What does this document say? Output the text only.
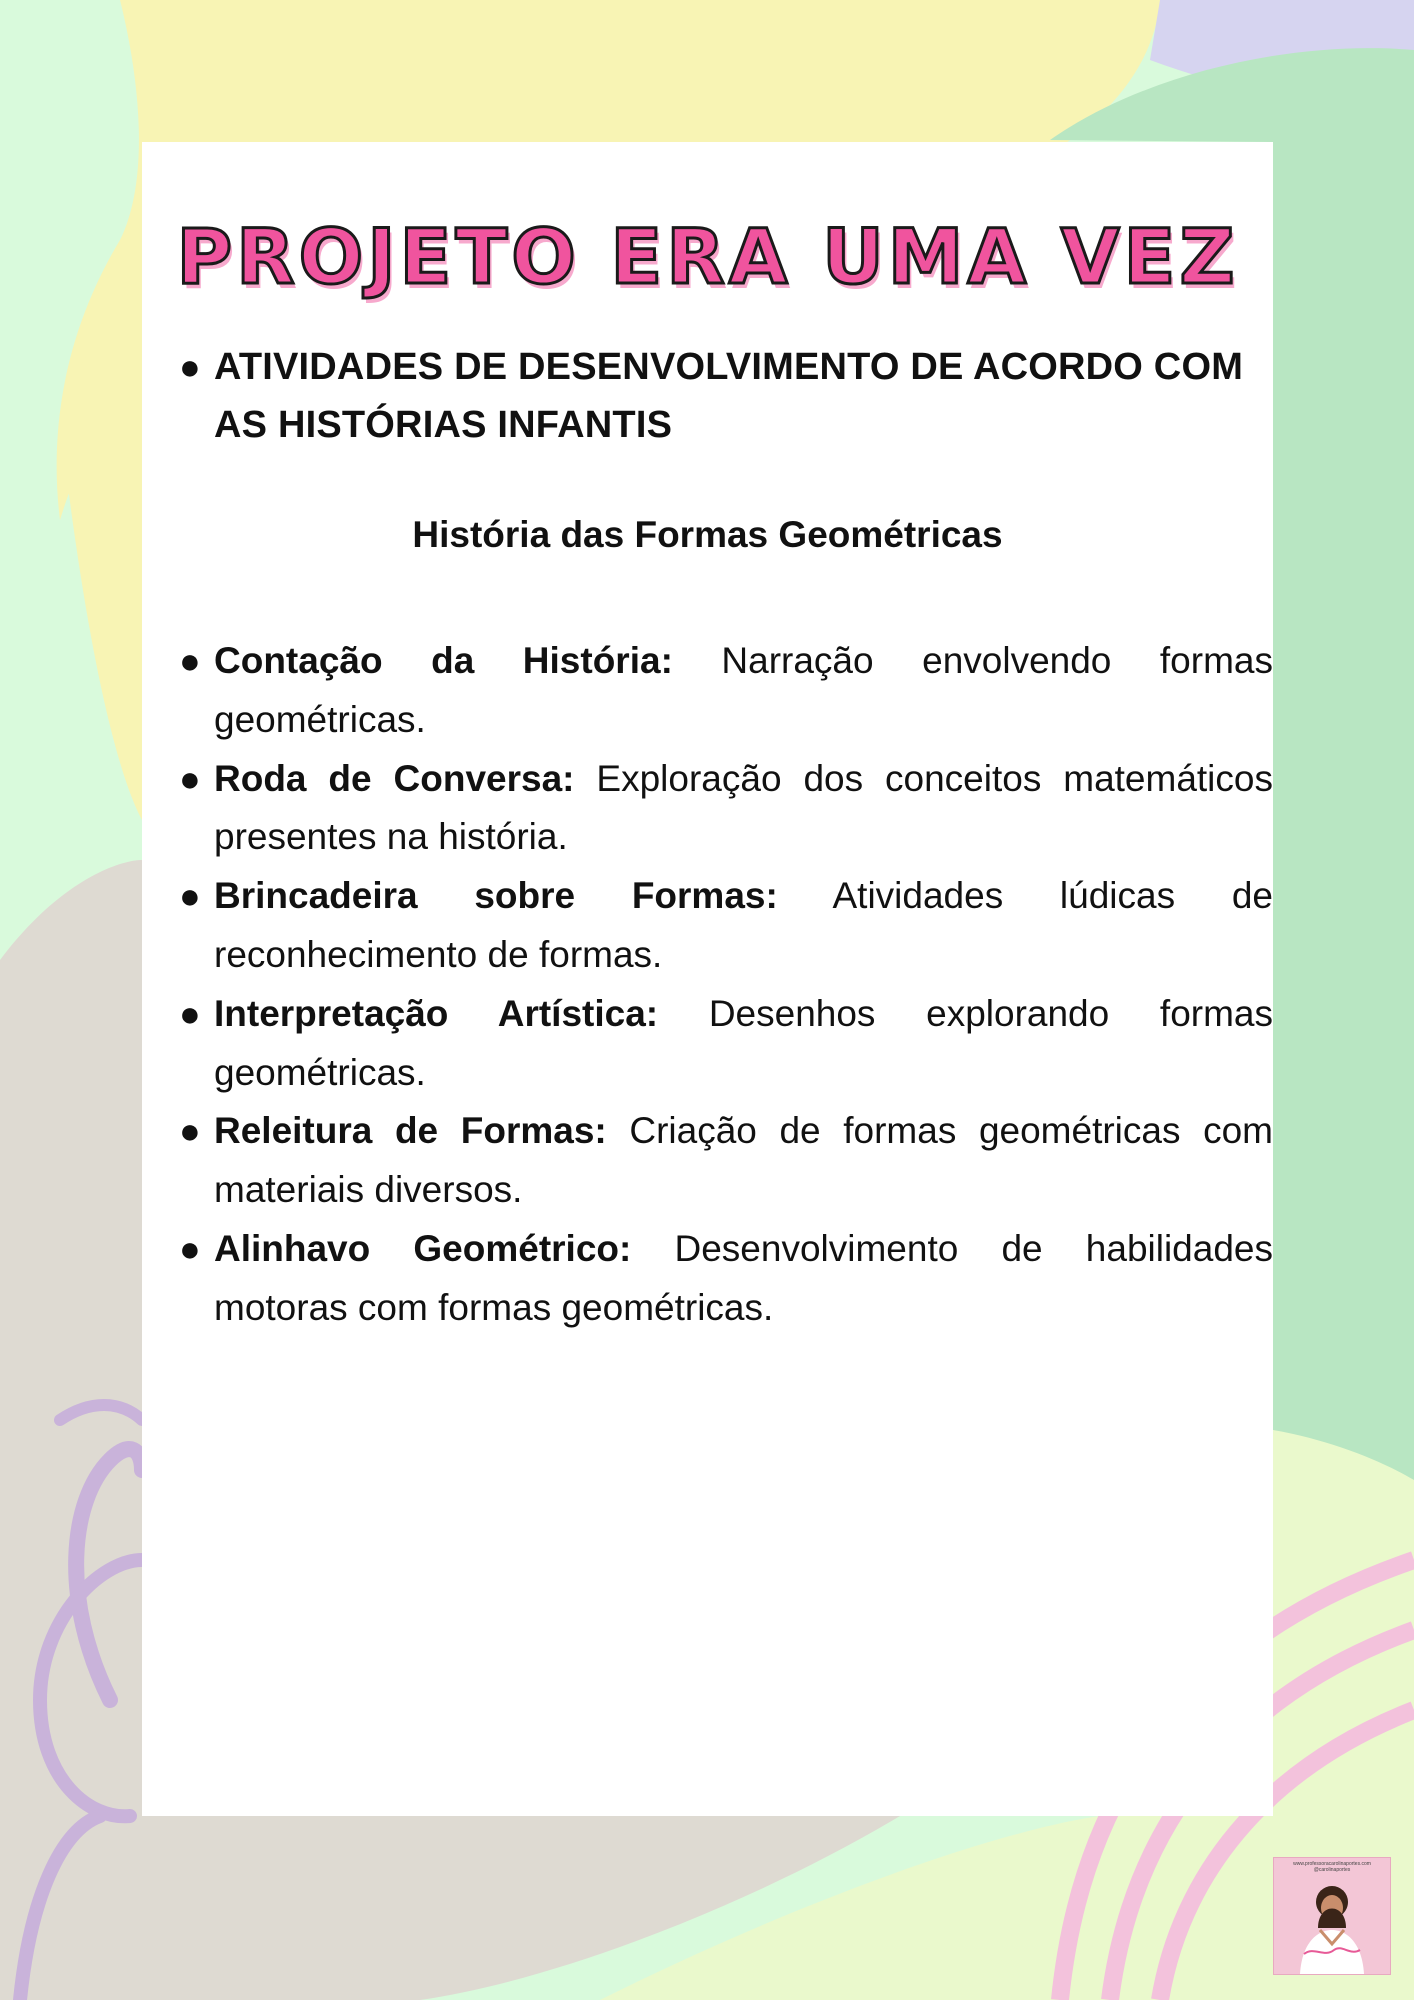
PROJETO ERA UMA VEZ
● ATIVIDADES DE DESENVOLVIMENTO DE ACORDO COM AS HISTÓRIAS INFANTIS
História das Formas Geométricas
● Contação da História: Narração envolvendo formas geométricas.
● Roda de Conversa: Exploração dos conceitos matemáticos presentes na história.
● Brincadeira sobre Formas: Atividades lúdicas de reconhecimento de formas.
● Interpretação Artística: Desenhos explorando formas geométricas.
● Releitura de Formas: Criação de formas geométricas com materiais diversos.
● Alinhavo Geométrico: Desenvolvimento de habilidades motoras com formas geométricas.
www.professoracarolinaportes.com
@carolinaportes
